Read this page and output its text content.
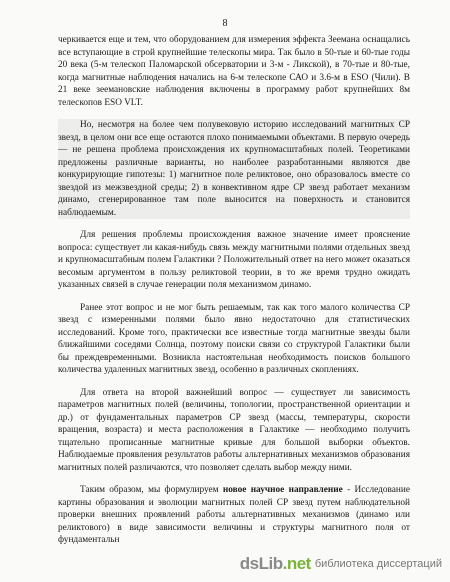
8

черкивается еще и тем, что оборудованием для измерения эффекта Зеемана оснащались все вступающие в строй крупнейшие телескопы мира. Так было в 50-тые и 60-тые годы 20 века (5-м телескоп Паломарской обсерватории и 3-м - Ликской), в 70-тые и 80-тые, когда магнитные наблюдения начались на 6-м телескопе САО и 3.6-м в ESO (Чили). В 21 веке зеемановские наблюдения включены в программу работ крупнейших 8м телескопов ESO VLT.

Но, несмотря на более чем полувековую историю исследований магнитных СР звезд, в целом они все еще остаются плохо понимаемыми объектами. В первую очередь — не решена проблема происхождения их крупномасштабных полей. Теоретиками предложены различные варианты, но наиболее разработанными являются две конкурирующие гипотезы: 1) магнитное поле реликтовое, оно образовалось вместе со звездой из межзвездной среды; 2) в конвективном ядре СР звезд работает механизм динамо, сгенерированное там поле выносится на поверхность и становится наблюдаемым.

Для решения проблемы происхождения важное значение имеет прояснение вопроса: существует ли какая-нибудь связь между магнитными полями отдельных звезд и крупномасштабным полем Галактики ? Положительный ответ на него может оказаться весомым аргументом в пользу реликтовой теории, в то же время трудно ожидать указанных связей в случае генерации поля механизмом динамо.

Ранее этот вопрос и не мог быть решаемым, так как того малого количества СР звезд с измеренными полями было явно недостаточно для статистических исследований. Кроме того, практически все известные тогда магнитные звезды были ближайшими соседями Солнца, поэтому поиски связи со структурой Галактики были бы преждевременными. Возникла настоятельная необходимость поисков большого количества удаленных магнитных звезд, особенно в различных скоплениях.

Для ответа на второй важнейший вопрос — существует ли зависимость параметров магнитных полей (величины, топологии, пространственной ориентации и др.) от фундаментальных параметров СР звезд (массы, температуры, скорости вращения, возраста) и места расположения в Галактике — необходимо получить тщательно прописанные магнитные кривые для большой выборки объектов. Наблюдаемые проявления результатов работы альтернативных механизмов образования магнитных полей различаются, что позволяет сделать выбор между ними.

Таким образом, мы формулируем новое научное направление - Исследование картины образования и эволюции магнитных полей СР звезд путем наблюдательной проверки внешних проявлений работы альтернативных механизмов (динамо или реликтового) в виде зависимости величины и структуры магнитного поля от фундаментальн

dsLib.net библиотека диссертаций
